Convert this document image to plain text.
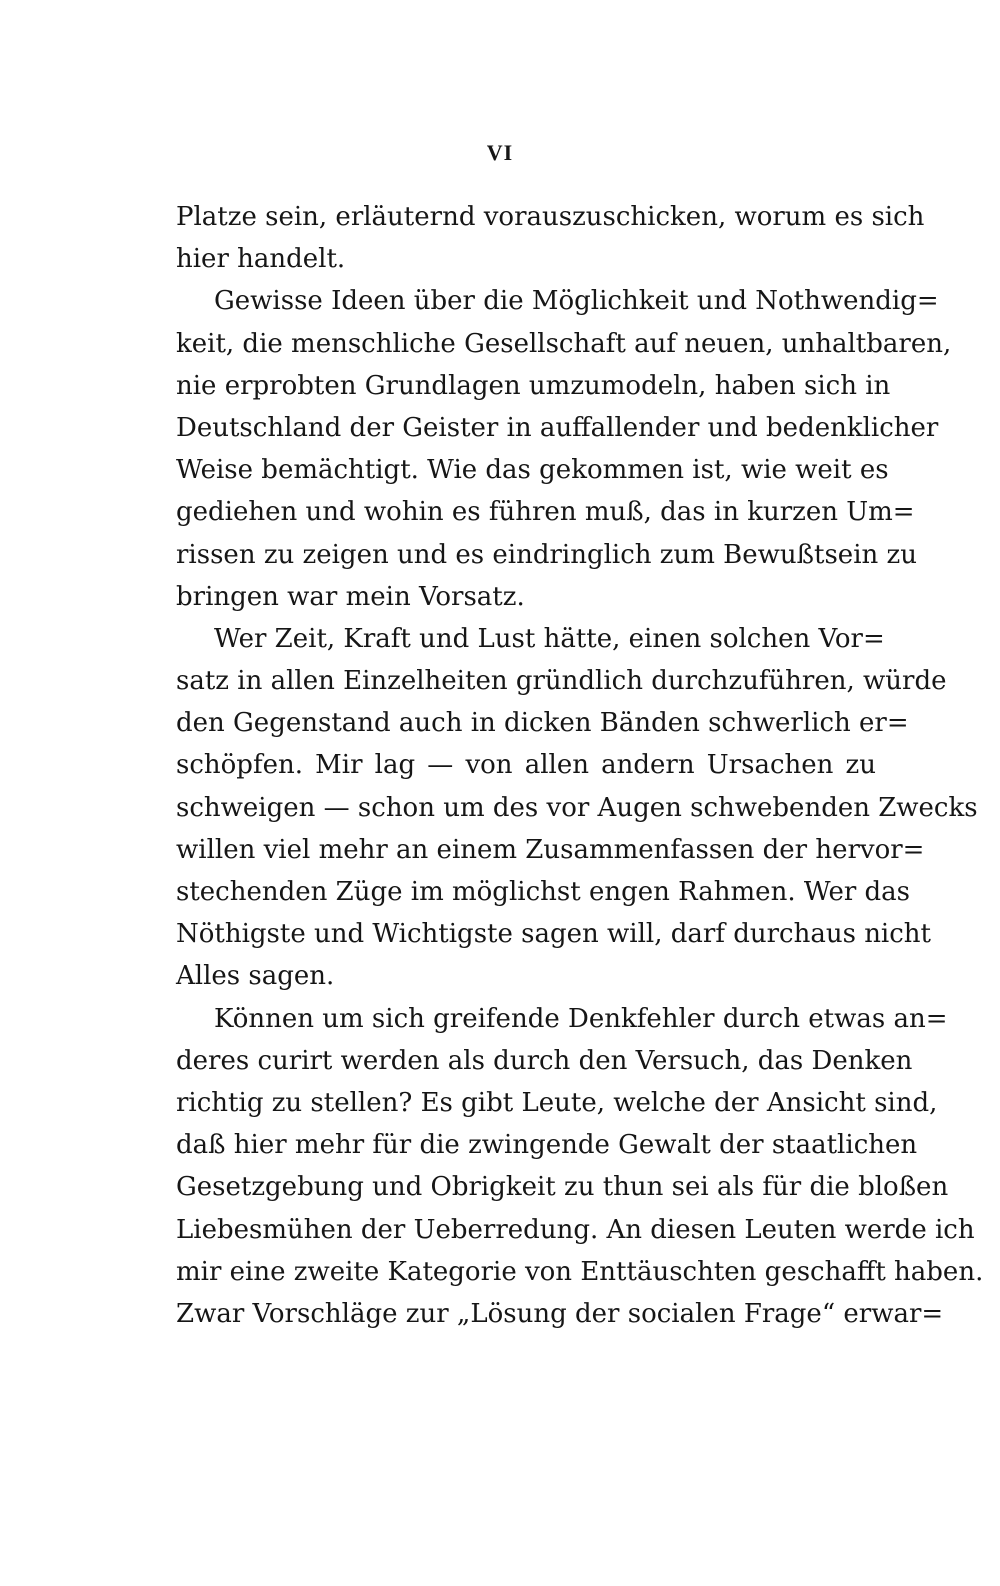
VI
Platze sein, erläuternd vorauszuschicken, worum es sich
hier handelt.
Gewisse Ideen über die Möglichkeit und Nothwendig=
keit, die menschliche Gesellschaft auf neuen, unhaltbaren,
nie erprobten Grundlagen umzumodeln, haben sich in
Deutschland der Geister in auffallender und bedenklicher
Weise bemächtigt. Wie das gekommen ist, wie weit es
gediehen und wohin es führen muß, das in kurzen Um=
rissen zu zeigen und es eindringlich zum Bewußtsein zu
bringen war mein Vorsatz.
Wer Zeit, Kraft und Lust hätte, einen solchen Vor=
satz in allen Einzelheiten gründlich durchzuführen, würde
den Gegenstand auch in dicken Bänden schwerlich er=
schöpfen. Mir lag — von allen andern Ursachen zu
schweigen — schon um des vor Augen schwebenden Zwecks
willen viel mehr an einem Zusammenfassen der hervor=
stechenden Züge im möglichst engen Rahmen. Wer das
Nöthigste und Wichtigste sagen will, darf durchaus nicht
Alles sagen.
Können um sich greifende Denkfehler durch etwas an=
deres curirt werden als durch den Versuch, das Denken
richtig zu stellen? Es gibt Leute, welche der Ansicht sind,
daß hier mehr für die zwingende Gewalt der staatlichen
Gesetzgebung und Obrigkeit zu thun sei als für die bloßen
Liebesmühen der Ueberredung. An diesen Leuten werde ich
mir eine zweite Kategorie von Enttäuschten geschafft haben.
Zwar Vorschläge zur „Lösung der socialen Frage“ erwar=
